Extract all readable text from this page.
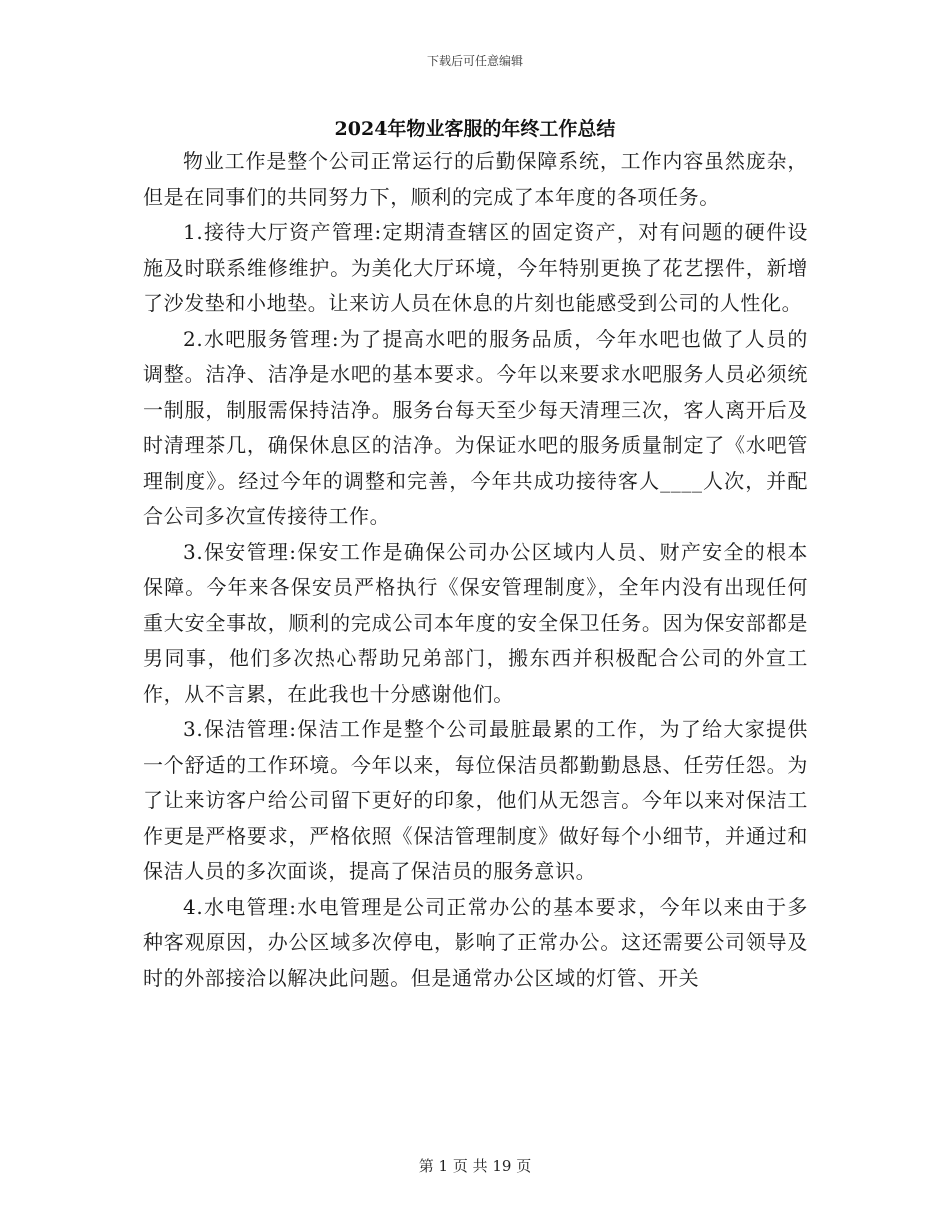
下载后可任意编辑
2024年物业客服的年终工作总结

物业工作是整个公司正常运行的后勤保障系统，工作内容虽然庞杂，但是在同事们的共同努力下，顺利的完成了本年度的各项任务。

1.接待大厅资产管理:定期清查辖区的固定资产，对有问题的硬件设施及时联系维修维护。为美化大厅环境，今年特别更换了花艺摆件，新增了沙发垫和小地垫。让来访人员在休息的片刻也能感受到公司的人性化。

2.水吧服务管理:为了提高水吧的服务品质，今年水吧也做了人员的调整。洁净、洁净是水吧的基本要求。今年以来要求水吧服务人员必须统一制服，制服需保持洁净。服务台每天至少每天清理三次，客人离开后及时清理茶几，确保休息区的洁净。为保证水吧的服务质量制定了《水吧管理制度》。经过今年的调整和完善，今年共成功接待客人____人次，并配合公司多次宣传接待工作。

3.保安管理:保安工作是确保公司办公区域内人员、财产安全的根本保障。今年来各保安员严格执行《保安管理制度》，全年内没有出现任何重大安全事故，顺利的完成公司本年度的安全保卫任务。因为保安部都是男同事，他们多次热心帮助兄弟部门，搬东西并积极配合公司的外宣工作，从不言累，在此我也十分感谢他们。

3.保洁管理:保洁工作是整个公司最脏最累的工作，为了给大家提供一个舒适的工作环境。今年以来，每位保洁员都勤勤恳恳、任劳任怨。为了让来访客户给公司留下更好的印象，他们从无怨言。今年以来对保洁工作更是严格要求，严格依照《保洁管理制度》做好每个小细节，并通过和保洁人员的多次面谈，提高了保洁员的服务意识。

4.水电管理:水电管理是公司正常办公的基本要求，今年以来由于多种客观原因，办公区域多次停电，影响了正常办公。这还需要公司领导及时的外部接洽以解决此问题。但是通常办公区域的灯管、开关

第 1 页 共 19 页
